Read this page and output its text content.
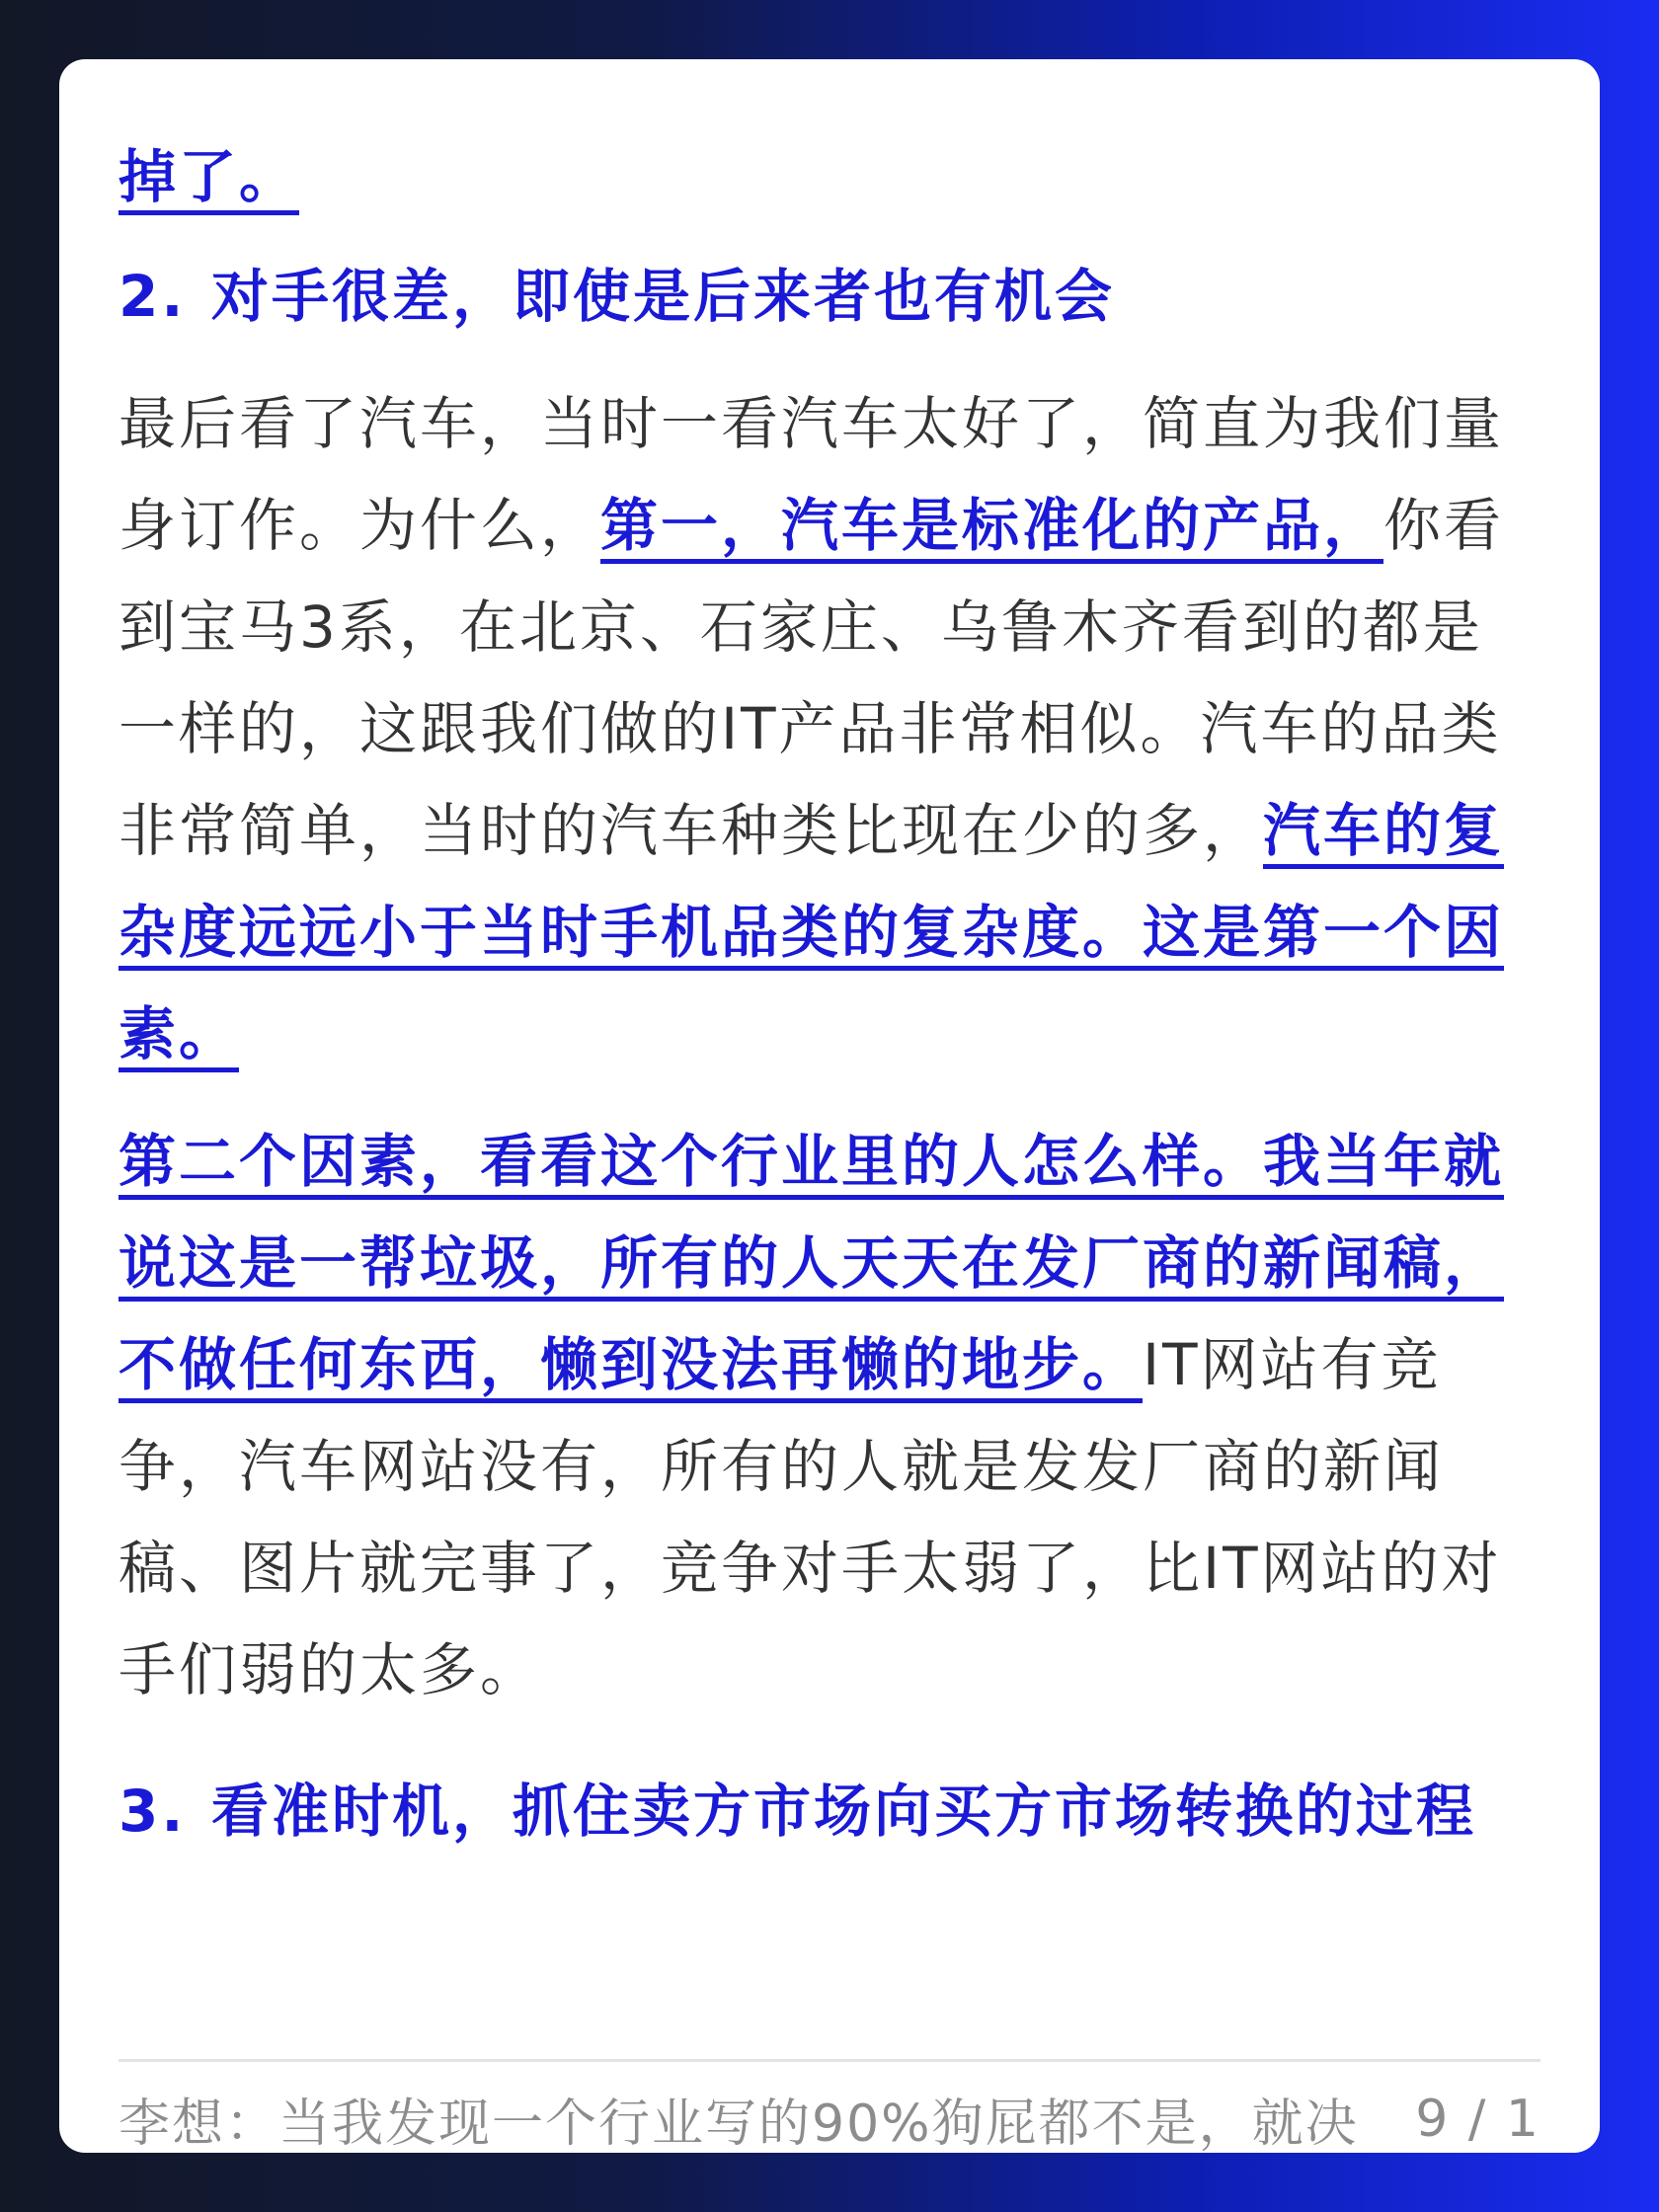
掉了。

2. 对手很差，即使是后来者也有机会

最后看了汽车，当时一看汽车太好了，简直为我们量身订作。为什么，第一，汽车是标准化的产品，你看到宝马3系，在北京、石家庄、乌鲁木齐看到的都是一样的，这跟我们做的IT产品非常相似。汽车的品类非常简单，当时的汽车种类比现在少的多，汽车的复杂度远远小于当时手机品类的复杂度。这是第一个因素。

第二个因素，看看这个行业里的人怎么样。我当年就说这是一帮垃圾，所有的人天天在发厂商的新闻稿，不做任何东西，懒到没法再懒的地步。IT网站有竞争，汽车网站没有，所有的人就是发发厂商的新闻稿、图片就完事了，竞争对手太弱了，比IT网站的对手们弱的太多。

3. 看准时机，抓住卖方市场向买方市场转换的过程
李想：当我发现一个行业写的90%狗屁都不是，就决	9 / 1
